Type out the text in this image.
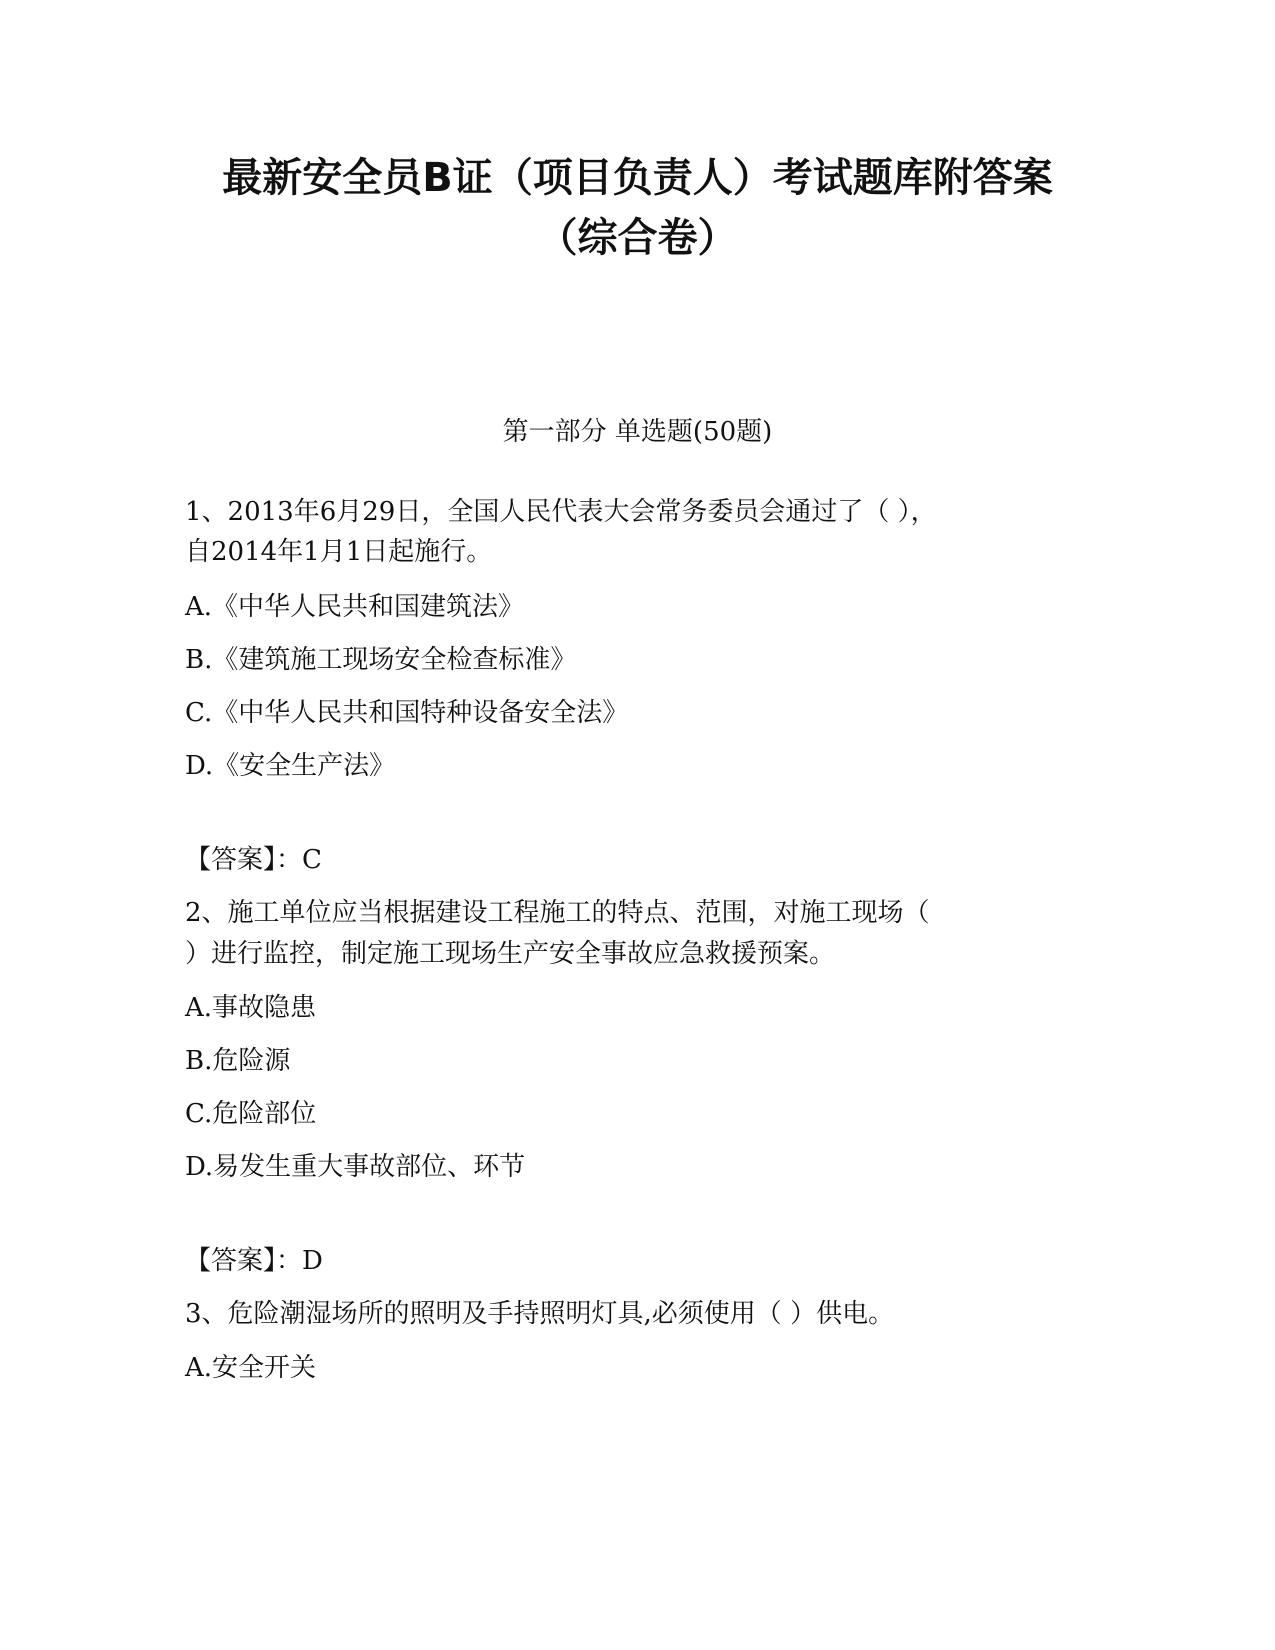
最新安全员B证（项目负责人）考试题库附答案
（综合卷）
第一部分 单选题(50题)
1、2013年6月29日，全国人民代表大会常务委员会通过了（ ），
自2014年1月1日起施行。
A.《中华人民共和国建筑法》
B.《建筑施工现场安全检查标准》
C.《中华人民共和国特种设备安全法》
D.《安全生产法》
【答案】：C
2、施工单位应当根据建设工程施工的特点、范围，对施工现场（
）进行监控，制定施工现场生产安全事故应急救援预案。
A.事故隐患
B.危险源
C.危险部位
D.易发生重大事故部位、环节
【答案】：D
3、危险潮湿场所的照明及手持照明灯具,必须使用（ ）供电。
A.安全开关
